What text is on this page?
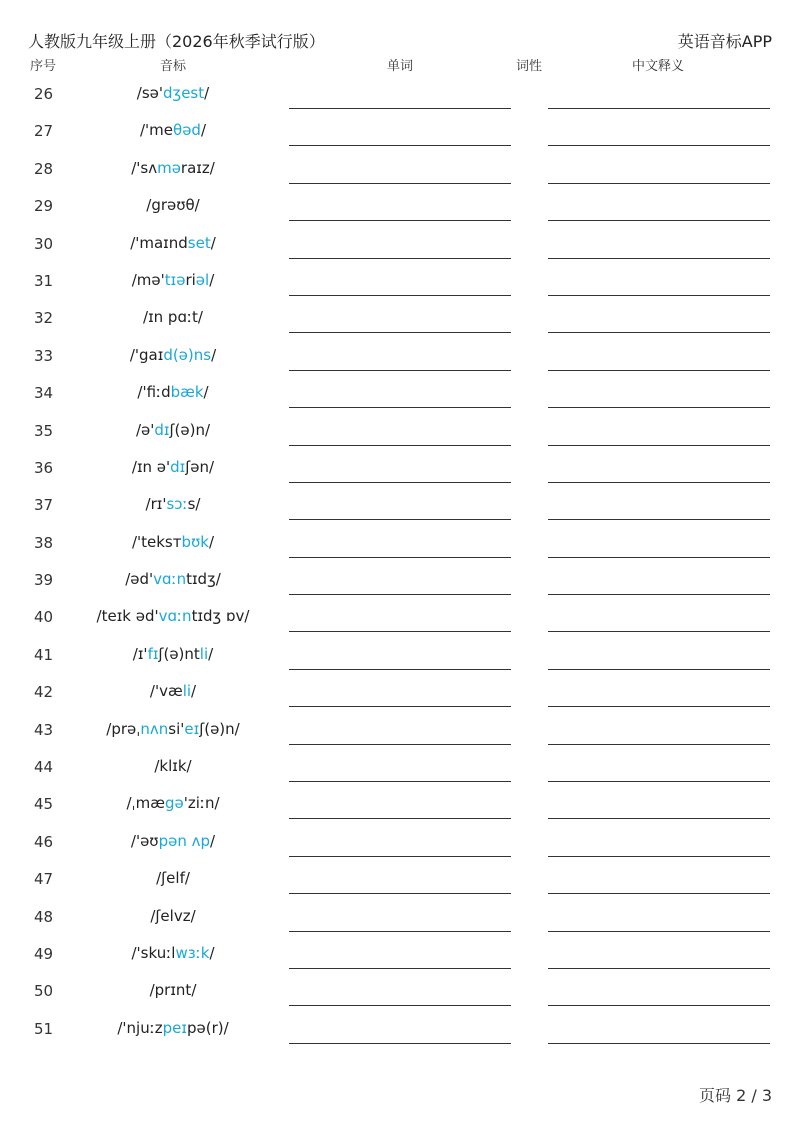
人教版九年级上册（2026年秋季试行版）	英语音标APP
序号	音标	单词	词性	中文释义
26	/sə'dʒest/
27	/'meθəd/
28	/'sʌməraɪz/
29	/grəʊθ/
30	/'maɪndset/
31	/mə'tɪəriəl/
32	/ɪn pɑːt/
33	/'gaɪd(ə)ns/
34	/'fiːdbæk/
35	/ə'dɪʃ(ə)n/
36	/ɪn ə'dɪʃən/
37	/rɪ'sɔːs/
38	/'teksтbʊk/
39	/əd'vɑːntɪdʒ/
40	/teɪk əd'vɑːntɪdʒ ɒv/
41	/ɪ'fɪʃ(ə)ntli/
42	/'væli/
43	/prəˌnʌnsi'eɪʃ(ə)n/
44	/klɪk/
45	/ˌmægə'ziːn/
46	/'əʊpən ʌp/
47	/ʃelf/
48	/ʃelvz/
49	/'skuːlwɜːk/
50	/prɪnt/
51	/'njuːzpeɪpə(r)/
页码 2 / 3
